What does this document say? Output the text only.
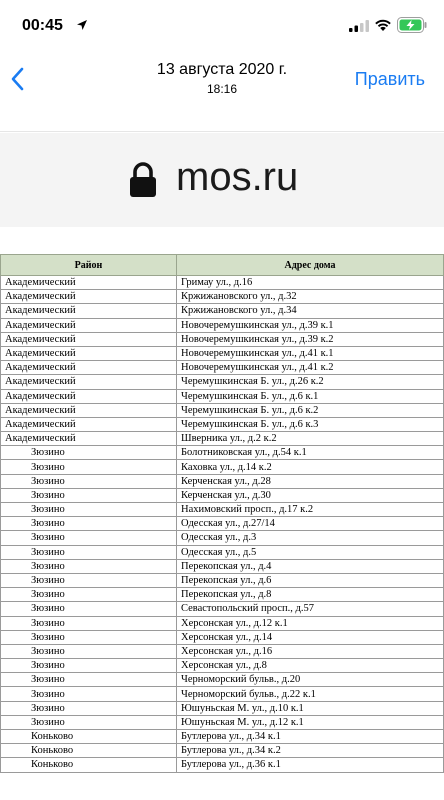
00:45
13 августа 2020 г.
18:16	Править
mos.ru
Район	Адрес дома
Академический	Гримау ул., д.16
Академический	Кржижановского ул., д.32
Академический	Кржижановского ул., д.34
Академический	Новочеремушкинская ул., д.39 к.1
Академический	Новочеремушкинская ул., д.39 к.2
Академический	Новочеремушкинская ул., д.41 к.1
Академический	Новочеремушкинская ул., д.41 к.2
Академический	Черемушкинская Б. ул., д.26 к.2
Академический	Черемушкинская Б. ул., д.6 к.1
Академический	Черемушкинская Б. ул., д.6 к.2
Академический	Черемушкинская Б. ул., д.6 к.3
Академический	Шверника ул., д.2 к.2
Зюзино	Болотниковская ул., д.54 к.1
Зюзино	Каховка ул., д.14 к.2
Зюзино	Керченская ул., д.28
Зюзино	Керченская ул., д.30
Зюзино	Нахимовский просп., д.17 к.2
Зюзино	Одесская ул., д.27/14
Зюзино	Одесская ул., д.3
Зюзино	Одесская ул., д.5
Зюзино	Перекопская ул., д.4
Зюзино	Перекопская ул., д.6
Зюзино	Перекопская ул., д.8
Зюзино	Севастопольский просп., д.57
Зюзино	Херсонская ул., д.12 к.1
Зюзино	Херсонская ул., д.14
Зюзино	Херсонская ул., д.16
Зюзино	Херсонская ул., д.8
Зюзино	Черноморский бульв., д.20
Зюзино	Черноморский бульв., д.22 к.1
Зюзино	Юшуньская М. ул., д.10 к.1
Зюзино	Юшуньская М. ул., д.12 к.1
Коньково	Бутлерова ул., д.34 к.1
Коньково	Бутлерова ул., д.34 к.2
Коньково	Бутлерова ул., д.36 к.1
